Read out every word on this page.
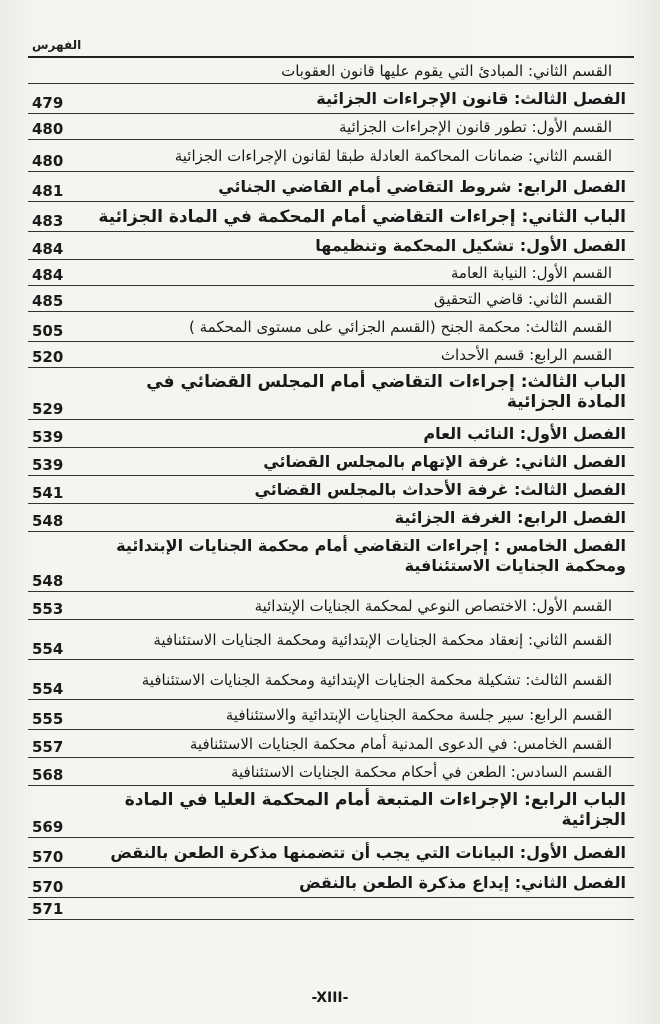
الفهرس
القسم الثاني: المبادئ التي يقوم عليها قانون العقوبات
الفصل الثالث: قانون الإجراءات الجزائية
479
القسم الأول: تطور قانون الإجراءات الجزائية
480
القسم الثاني: ضمانات المحاكمة العادلة طبقا لقانون الإجراءات الجزائية
480
الفصل الرابع: شروط التقاضي أمام القاضي الجنائي
481
الباب الثاني: إجراءات التقاضي أمام المحكمة في المادة الجزائية
483
الفصل الأول: تشكيل المحكمة وتنظيمها
484
القسم الأول: النيابة العامة
484
القسم الثاني: قاضي التحقيق
485
القسم الثالث: محكمة الجنح (القسم الجزائي على مستوى المحكمة )
505
القسم الرابع: قسم الأحداث
520
الباب الثالث: إجراءات التقاضي أمام المجلس القضائي في المادة الجزائية
529
الفصل الأول: النائب العام
539
الفصل الثاني: غرفة الإتهام بالمجلس القضائي
539
الفصل الثالث: غرفة الأحداث بالمجلس القضائي
541
الفصل الرابع: الغرفة الجزائية
548
الفصل الخامس : إجراءات التقاضي أمام محكمة الجنايات الإبتدائية ومحكمة الجنايات الاستئنافية
548
القسم الأول: الاختصاص النوعي لمحكمة الجنايات الإبتدائية
553
القسم الثاني: إنعقاد محكمة الجنايات الإبتدائية ومحكمة الجنايات الاستئنافية
554
القسم الثالث: تشكيلة محكمة الجنايات الإبتدائية ومحكمة الجنايات الاستئنافية
554
القسم الرابع: سير جلسة محكمة الجنايات الإبتدائية والاستئنافية
555
القسم الخامس: في الدعوى المدنية أمام محكمة الجنايات الاستئنافية
557
القسم السادس: الطعن في أحكام محكمة الجنايات الاستئنافية
568
الباب الرابع: الإجراءات المتبعة أمام المحكمة العليا في المادة الجزائية
569
الفصل الأول: البيانات التي يجب أن تتضمنها مذكرة الطعن بالنقض
570
الفصل الثاني: إيداع مذكرة الطعن بالنقض
570
571
-XIII-
